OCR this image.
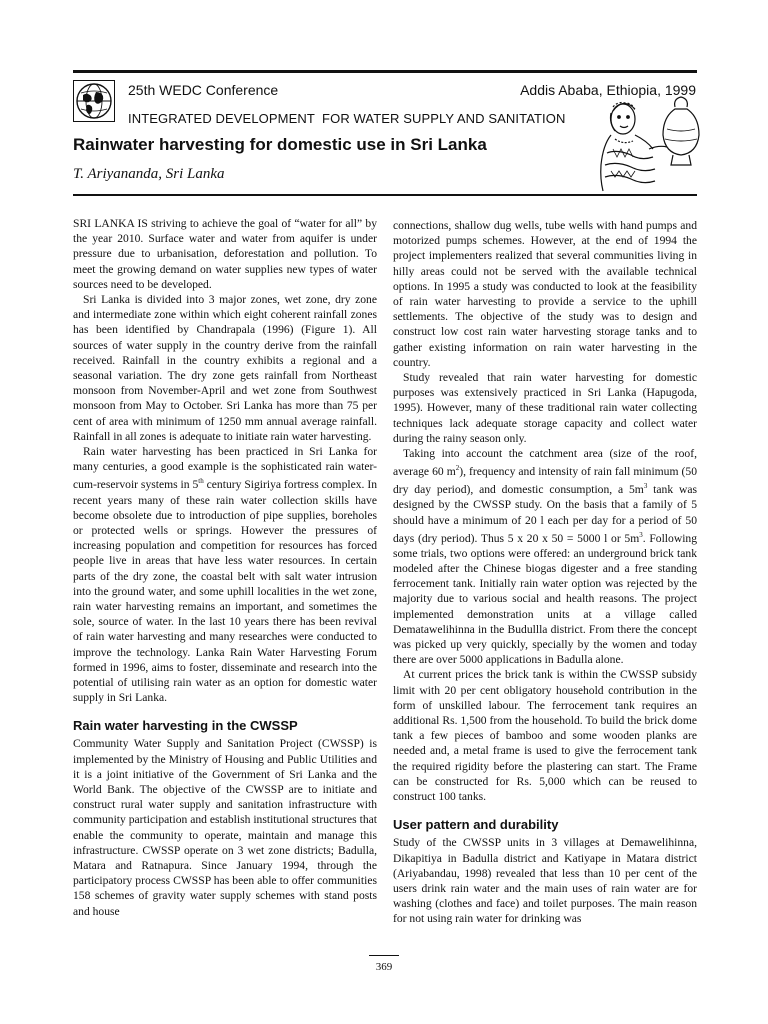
25th WEDC Conference	Addis Ababa, Ethiopia, 1999
INTEGRATED DEVELOPMENT  FOR WATER SUPPLY AND SANITATION
Rainwater harvesting for domestic use in Sri Lanka
T. Ariyananda, Sri Lanka

SRI LANKA IS striving to achieve the goal of “water for all” by the year 2010. Surface water and water from aquifer is under pressure due to urbanisation, deforestation and pollution. To meet the growing demand on water supplies new types of water sources need to be developed.

Sri Lanka is divided into 3 major zones, wet zone, dry zone and intermediate zone within which eight coherent rainfall zones has been identified by Chandrapala (1996) (Figure 1). All sources of water supply in the country derive from the rainfall received. Rainfall in the country exhibits a regional and a seasonal variation. The dry zone gets rainfall from Northeast monsoon from November-April and wet zone from Southwest monsoon from May to October. Sri Lanka has more than 75 per cent of area with minimum of 1250 mm annual average rainfall. Rainfall in all zones is adequate to initiate rain water harvesting.

Rain water harvesting has been practiced in Sri Lanka for many centuries, a good example is the sophisticated rain water-cum-reservoir systems in 5th century Sigiriya fortress complex. In recent years many of these rain water collection skills have become obsolete due to introduction of pipe supplies, boreholes or protected wells or springs. However the pressures of increasing population and competition for resources has forced people live in areas that have less water resources. In certain parts of the dry zone, the coastal belt with salt water intrusion into the ground water, and some uphill localities in the wet zone, rain water harvesting remains an important, and sometimes the sole, source of water. In the last 10 years there has been revival of rain water harvesting and many researches were conducted to improve the technology. Lanka Rain Water Harvesting Forum formed in 1996, aims to foster, disseminate and research into the potential of utilising rain water as an option for domestic water supply in Sri Lanka.

Rain water harvesting in the CWSSP

Community Water Supply and Sanitation Project (CWSSP) is implemented by the Ministry of Housing and Public Utilities and it is a joint initiative of the Government of Sri Lanka and the World Bank. The objective of the CWSSP are to initiate and construct rural water supply and sanitation infrastructure with community participation and establish institutional structures that enable the community to operate, maintain and manage this infrastructure. CWSSP operate on 3 wet zone districts; Badulla, Matara and Ratnapura. Since January 1994, through the participatory process CWSSP has been able to offer communities 158 schemes of gravity water supply schemes with stand posts and house

connections, shallow dug wells, tube wells with hand pumps and motorized pumps schemes. However, at the end of 1994 the project implementers realized that several communities living in hilly areas could not be served with the available technical options. In 1995 a study was conducted to look at the feasibility of rain water harvesting to provide a service to the uphill settlements. The objective of the study was to design and construct low cost rain water harvesting storage tanks and to gather existing information on rain water harvesting in the country.

Study revealed that rain water harvesting for domestic purposes was extensively practiced in Sri Lanka (Hapugoda, 1995). However, many of these traditional rain water collecting techniques lack adequate storage capacity and collect water during the rainy season only.

Taking into account the catchment area (size of the roof, average 60 $m^2$), frequency and intensity of rain fall minimum (50 dry day period), and domestic consumption, a $5m^3$ tank was designed by the CWSSP study. On the basis that a family of 5 should have a minimum of 20 l each per day for a period of 50 days (dry period). Thus 5 x 20 x 50 = 5000 l or $5m^3$. Following some trials, two options were offered: an underground brick tank modeled after the Chinese biogas digester and a free standing ferrocement tank. Initially rain water option was rejected by the majority due to various social and health reasons. The project implemented demonstration units at a village called Dematawelihinna in the Budullla district. From there the concept was picked up very quickly, specially by the women and today there are over 5000 applications in Badulla alone.

At current prices the brick tank is within the CWSSP subsidy limit with 20 per cent obligatory household contribution in the form of unskilled labour. The ferrocement tank requires an additional Rs. 1,500 from the household. To build the brick dome tank a few pieces of bamboo and some wooden planks are needed and, a metal frame is used to give the ferrocement tank the required rigidity before the plastering can start. The Frame can be constructed for Rs. 5,000 which can be reused to construct 100 tanks.

User pattern and durability

Study of the CWSSP units in 3 villages at Demawelihinna, Dikapitiya in Badulla district and Katiyape in Matara district (Ariyabandau, 1998) revealed that less than 10 per cent of the users drink rain water and the main uses of rain water are for washing (clothes and face) and toilet purposes. The main reason for not using rain water for drinking was

369
